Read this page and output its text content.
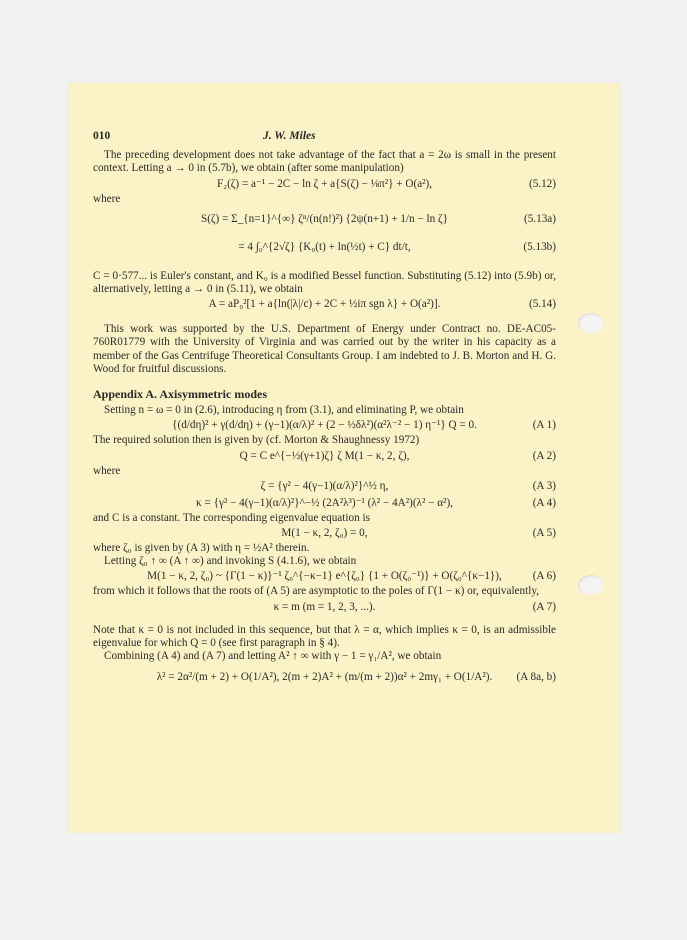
010	J. W. Miles

The preceding development does not take advantage of the fact that a = 2ω is small in the present context. Letting a → 0 in (5.7b), we obtain (after some manipulation)

F₂(ζ) = a⁻¹ − 2C − ln ζ + a{S(ζ) − ⅛π²} + O(a²),	(5.12)

where

S(ζ) = Σ_{n=1}^{∞} ζⁿ/(n(n!)²) {2ψ(n+1) + 1/n − ln ζ}	(5.13a)
= 4 ∫₀^{2√ζ} {K₀(t) + ln(½t) + C} dt/t,	(5.13b)

C = 0·577... is Euler's constant, and K₀ is a modified Bessel function. Substituting (5.12) into (5.9b) or, alternatively, letting a → 0 in (5.11), we obtain

A = aP₀²[1 + a{ln(|λ|/c) + 2C + ½iπ sgn λ} + O(a²)].	(5.14)

This work was supported by the U.S. Department of Energy under Contract no. DE-AC05-760R01779 with the University of Virginia and was carried out by the writer in his capacity as a member of the Gas Centrifuge Theoretical Consultants Group. I am indebted to J. B. Morton and H. G. Wood for fruitful discussions.

Appendix A. Axisymmetric modes

Setting n = ω = 0 in (2.6), introducing η from (3.1), and eliminating P, we obtain

{(d/dη)² + γ(d/dη) + (γ−1)(α/λ)² + (2 − ½δλ²)(α²λ⁻² − 1) η⁻¹} Q = 0.	(A 1)

The required solution then is given by (cf. Morton & Shaughnessy 1972)

Q = C e^{−½(γ+1)ζ} ζ M(1 − κ, 2, ζ),	(A 2)

where

ζ = {γ² − 4(γ−1)(α/λ)²}^½ η,	(A 3)
κ = {γ² − 4(γ−1)(α/λ)²}^−½ (2A²λ³)⁻¹ (λ² − 4A²)(λ² − α²),	(A 4)

and C is a constant. The corresponding eigenvalue equation is

M(1 − κ, 2, ζ₀) = 0,	(A 5)

where ζ₀ is given by (A 3) with η = ½A² therein.

Letting ζ₀ ↑ ∞ (A ↑ ∞) and invoking S (4.1.6), we obtain

M(1 − κ, 2, ζ₀) ~ {Γ(1 − κ)}⁻¹ ζ₀^{−κ−1} e^{ζ₀} {1 + O(ζ₀⁻¹)} + O(ζ₀^{κ−1}),	(A 6)

from which it follows that the roots of (A 5) are asymptotic to the poles of Γ(1 − κ) or, equivalently,

κ = m (m = 1, 2, 3, ...).	(A 7)

Note that κ = 0 is not included in this sequence, but that λ = α, which implies κ = 0, is an admissible eigenvalue for which Q = 0 (see first paragraph in § 4).

Combining (A 4) and (A 7) and letting A² ↑ ∞ with γ − 1 = γ₁/A², we obtain

λ² = 2α²/(m + 2) + O(1/A²), 2(m + 2)A² + (m/(m + 2))α² + 2mγ₁ + O(1/A²). (A 8a, b)
